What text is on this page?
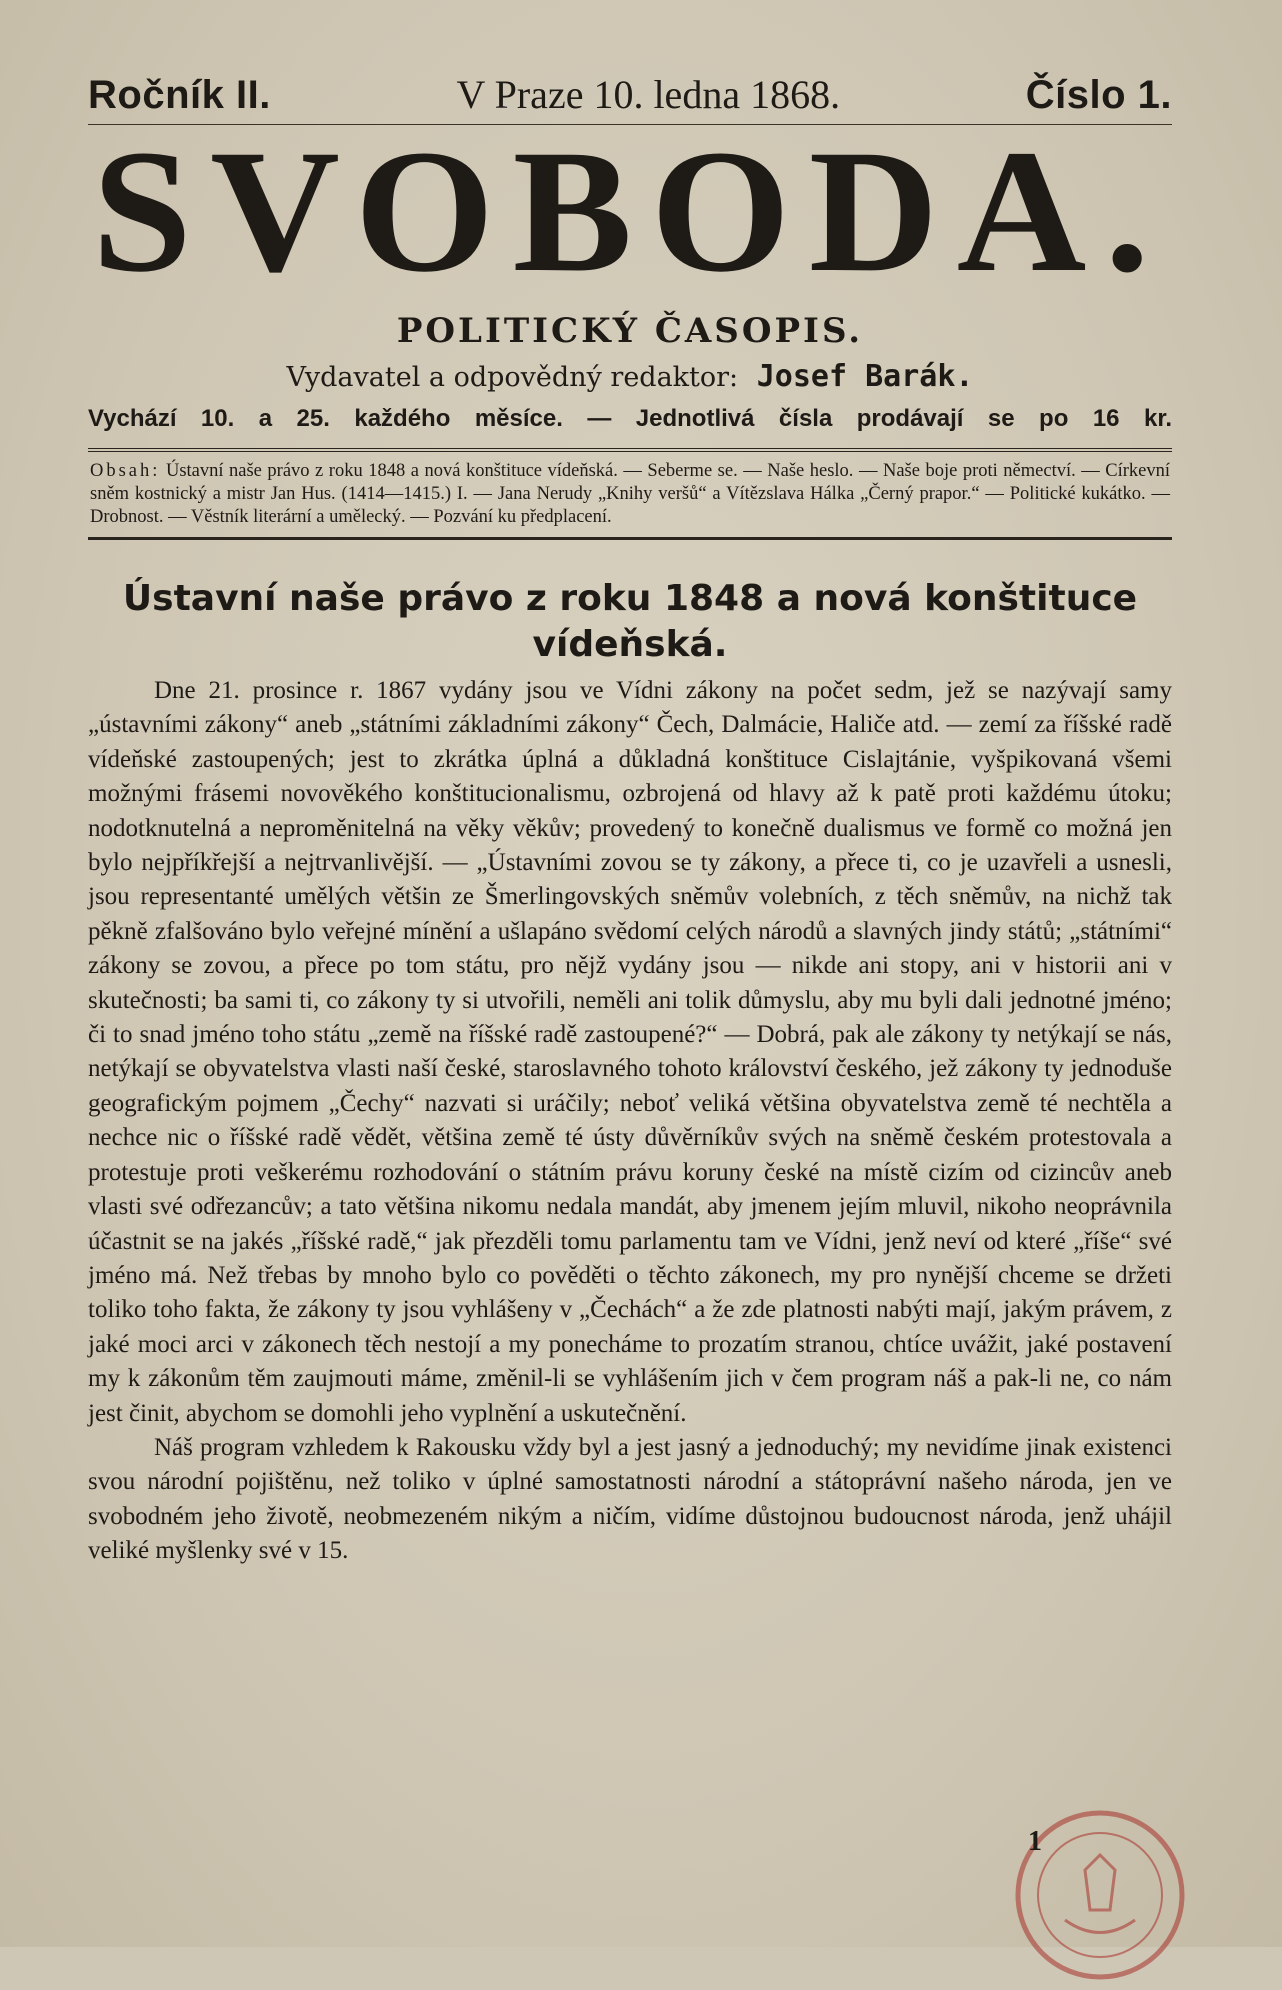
Ročník II.	V Praze 10. ledna 1868.	Číslo 1.
SVOBODA.
POLITICKÝ ČASOPIS.
Vydavatel a odpovědný redaktor: Josef Barák.
Vychází 10. a 25. každého měsíce. — Jednotlivá čísla prodávají se po 16 kr.
Obsah: Ústavní naše právo z roku 1848 a nová konštituce vídeňská. — Seberme se. — Naše heslo. — Naše boje proti němectví. — Církevní sněm kostnický a mistr Jan Hus. (1414—1415.) I. — Jana Nerudy „Knihy veršů“ a Vítězslava Hálka „Černý prapor.“ — Politické kukátko. — Drobnost. — Věstník literární a umělecký. — Pozvání ku předplacení.
Ústavní naše právo z roku 1848 a nová konštituce vídeňská.

Dne 21. prosince r. 1867 vydány jsou ve Vídni zákony na počet sedm, jež se nazývají samy „ústavními zákony“ aneb „státními základními zákony“ Čech, Dalmácie, Haliče atd. — zemí za říšské radě vídeňské zastoupených; jest to zkrátka úplná a důkladná konštituce Cislajtánie, vyšpikovaná všemi možnými frásemi novověkého konštitucionalismu, ozbrojená od hlavy až k patě proti každému útoku; nodotknutelná a neproměnitelná na věky věkův; provedený to konečně dualismus ve formě co možná jen bylo nejpříkřejší a nejtrvanlivější. — „Ústavními zovou se ty zákony, a přece ti, co je uzavřeli a usnesli, jsou representanté umělých většin ze Šmerlingovských sněmův volebních, z těch sněmův, na nichž tak pěkně zfalšováno bylo veřejné mínění a ušlapáno svědomí celých národů a slavných jindy států; „státními“ zákony se zovou, a přece po tom státu, pro nějž vydány jsou — nikde ani stopy, ani v historii ani v skutečnosti; ba sami ti, co zákony ty si utvořili, neměli ani tolik důmyslu, aby mu byli dali jednotné jméno; či to snad jméno toho státu „země na říšské radě zastoupené?“ — Dobrá, pak ale zákony ty netýkají se nás, netýkají se obyvatelstva vlasti naší české, staroslavného tohoto království českého, jež zákony ty jednoduše geografickým pojmem „Čechy“ nazvati si uráčily; neboť veliká většina obyvatelstva země té nechtěla a nechce nic o říšské radě vědět, většina země té ústy důvěrníkův svých na sněmě českém protestovala a protestuje proti veškerému rozhodování o státním právu koruny české na místě cizím od cizincův aneb vlasti své odřezancův; a tato většina nikomu nedala mandát, aby jmenem jejím mluvil, nikoho neoprávnila účastnit se na jakés „říšské radě,“ jak přezděli tomu parlamentu tam ve Vídni, jenž neví od které „říše“ své jméno má. Než třebas by mnoho bylo co pověděti o těchto zákonech, my pro nynější chceme se držeti toliko toho fakta, že zákony ty jsou vyhlášeny v „Čechách“ a že zde platnosti nabýti mají, jakým právem, z jaké moci arci v zákonech těch nestojí a my ponecháme to prozatím stranou, chtíce uvážit, jaké postavení my k zákonům těm zaujmouti máme, změnil-li se vyhlášením jich v čem program náš a pak-li ne, co nám jest činit, abychom se domohli jeho vyplnění a uskutečnění.

Náš program vzhledem k Rakousku vždy byl a jest jasný a jednoduchý; my nevidíme jinak existenci svou národní pojištěnu, než toliko v úplné samostatnosti národní a státoprávní našeho národa, jen ve svobodném jeho životě, neobmezeném nikým a ničím, vidíme důstojnou budoucnost národa, jenž uhájil veliké myšlenky své v 15.

1
